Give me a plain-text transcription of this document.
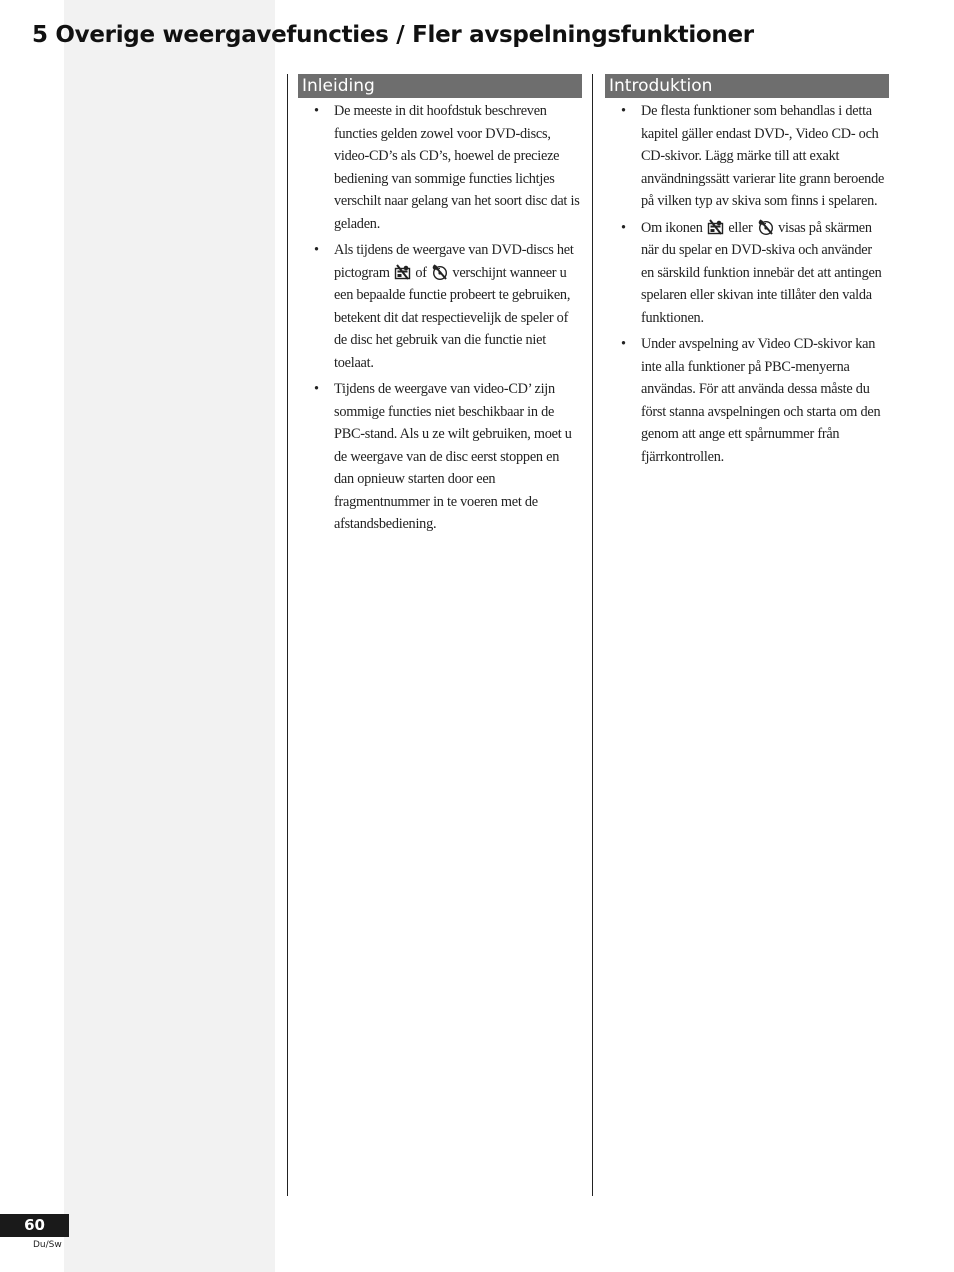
5 Overige weergavefuncties / Fler avspelningsfunktioner
Inleiding
• De meeste in dit hoofdstuk beschreven functies gelden zowel voor DVD-discs, video-CD’s als CD’s, hoewel de precieze bediening van sommige functies lichtjes verschilt naar gelang van het soort disc dat is geladen.
• Als tijdens de weergave van DVD-discs het pictogram  of  verschijnt wanneer u een bepaalde functie probeert te gebruiken, betekent dit dat respectievelijk de speler of de disc het gebruik van die functie niet toelaat.
• Tijdens de weergave van video-CD’ zijn sommige functies niet beschikbaar in de PBC-stand. Als u ze wilt gebruiken, moet u de weergave van de disc eerst stoppen en dan opnieuw starten door een fragmentnummer in te voeren met de afstandsbediening.
Introduktion
• De flesta funktioner som behandlas i detta kapitel gäller endast DVD-, Video CD- och CD-skivor. Lägg märke till att exakt användningssätt varierar lite grann beroende på vilken typ av skiva som finns i spelaren.
• Om ikonen  eller  visas på skärmen när du spelar en DVD-skiva och använder en särskild funktion innebär det att antingen spelaren eller skivan inte tillåter den valda funktionen.
• Under avspelning av Video CD-skivor kan inte alla funktioner på PBC-menyerna användas. För att använda dessa måste du först stanna avspelningen och starta om den genom att ange ett spårnummer från fjärrkontrollen.
60
Du/Sw
